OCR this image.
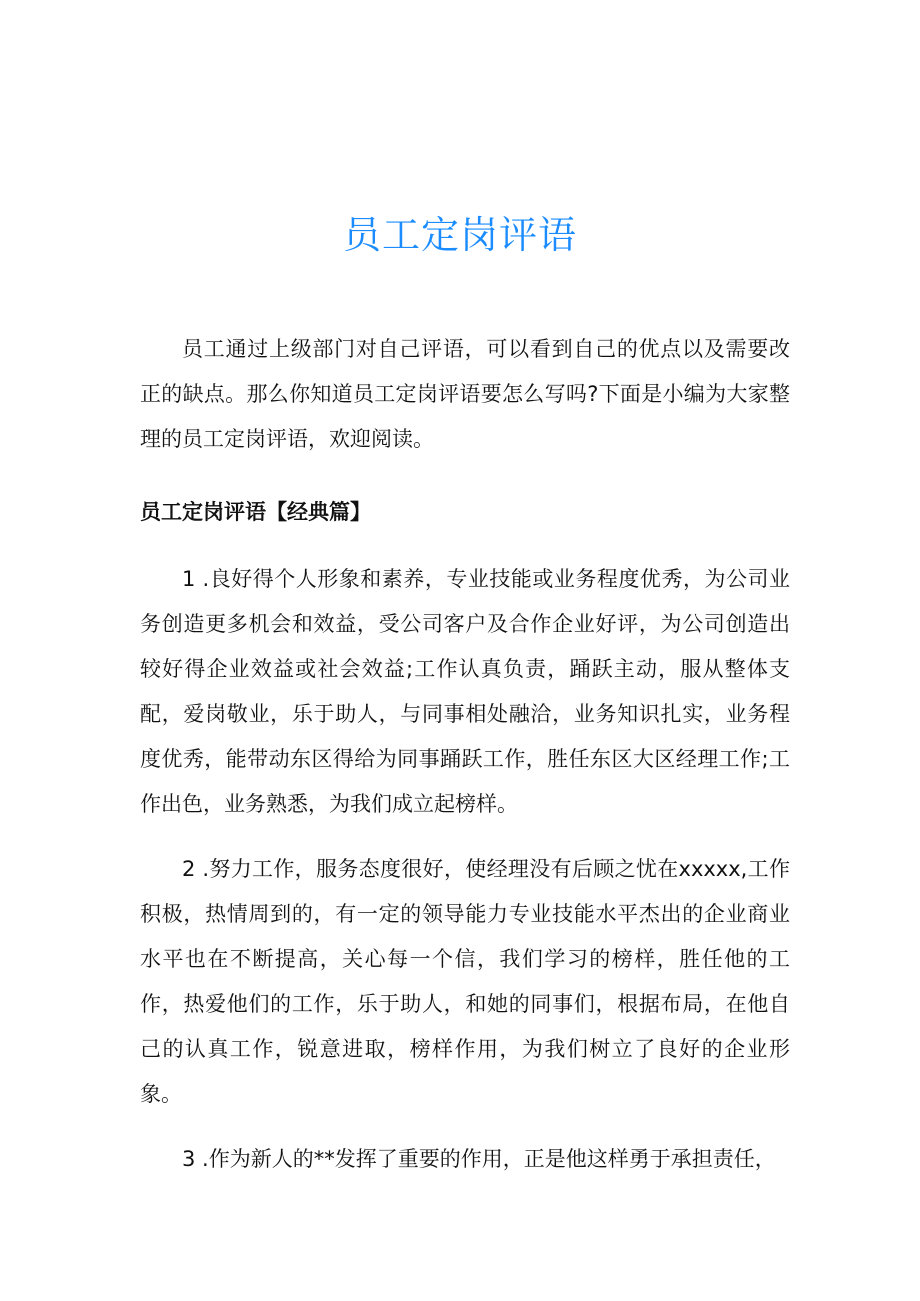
员工定岗评语

员工通过上级部门对自己评语，可以看到自己的优点以及需要改正的缺点。那么你知道员工定岗评语要怎么写吗?下面是小编为大家整理的员工定岗评语，欢迎阅读。

员工定岗评语【经典篇】

1 .良好得个人形象和素养，专业技能或业务程度优秀，为公司业务创造更多机会和效益，受公司客户及合作企业好评，为公司创造出较好得企业效益或社会效益;工作认真负责，踊跃主动，服从整体支配，爱岗敬业，乐于助人，与同事相处融洽，业务知识扎实，业务程度优秀，能带动东区得给为同事踊跃工作，胜任东区大区经理工作;工作出色，业务熟悉，为我们成立起榜样。

2 .努力工作，服务态度很好，使经理没有后顾之忧在xxxxx,工作积极，热情周到的，有一定的领导能力专业技能水平杰出的企业商业水平也在不断提高，关心每一个信，我们学习的榜样，胜任他的工作，热爱他们的工作，乐于助人，和她的同事们，根据布局，在他自己的认真工作，锐意进取，榜样作用，为我们树立了良好的企业形象。

3 .作为新人的**发挥了重要的作用，正是他这样勇于承担责任，
